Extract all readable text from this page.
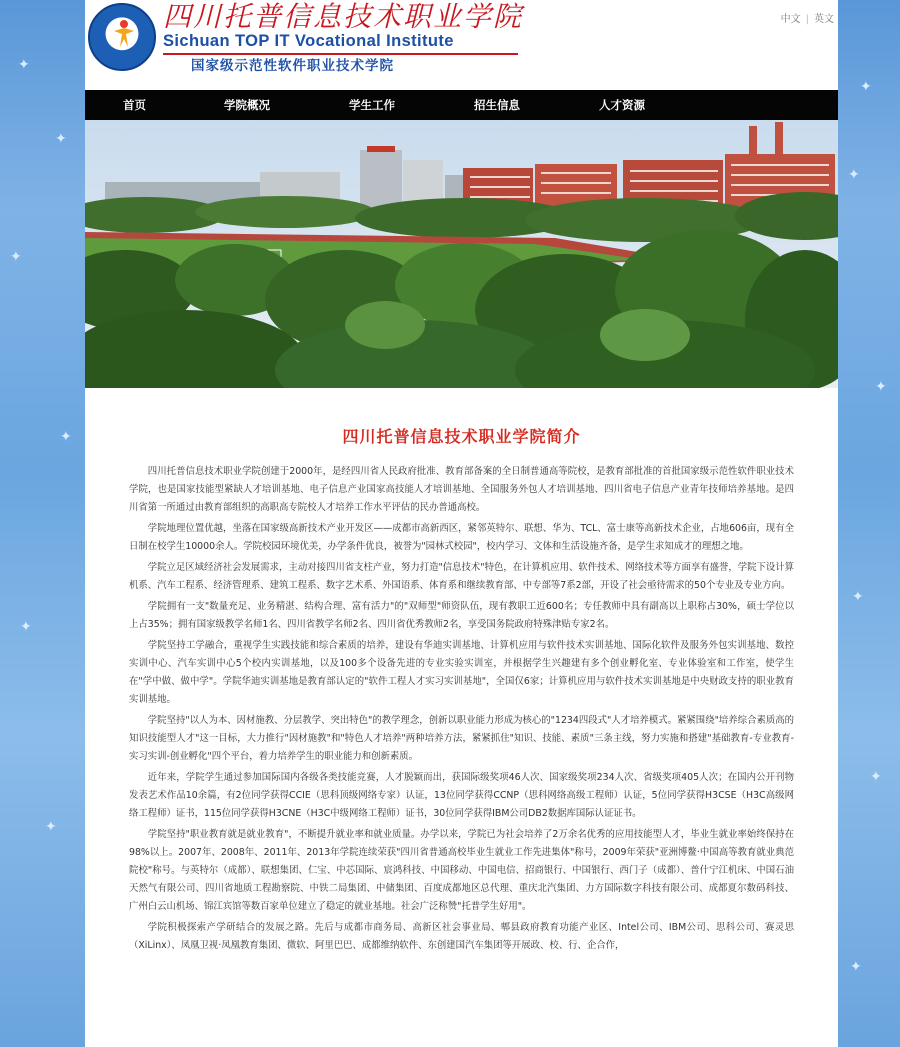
✦
✦
✦
✦
✦
✦
✦
✦
✦
✦
✦
✦
四川托普信息技术职业学院
Sichuan TOP IT Vocational Institute
国家级示范性软件职业技术学院
中文 | 英文
首页	学院概况	学生工作	招生信息	人才资源
四川托普信息技术职业学院简介

四川托普信息技术职业学院创建于2000年，是经四川省人民政府批准、教育部备案的全日制普通高等院校，是教育部批准的首批国家级示范性软件职业技术学院，也是国家技能型紧缺人才培训基地、电子信息产业国家高技能人才培训基地、全国服务外包人才培训基地、四川省电子信息产业青年技师培养基地。是四川省第一所通过由教育部组织的高职高专院校人才培养工作水平评估的民办普通高校。

学院地理位置优越，坐落在国家级高新技术产业开发区——成都市高新西区，紧邻英特尔、联想、华为、TCL、富士康等高新技术企业，占地606亩，现有全日制在校学生10000余人。学院校园环境优美，办学条件优良，被誉为"园林式校园"，校内学习、文体和生活设施齐备，是学生求知成才的理想之地。

学院立足区域经济社会发展需求，主动对接四川省支柱产业，努力打造"信息技术"特色，在计算机应用、软件技术、网络技术等方面享有盛誉，学院下设计算机系、汽车工程系、经济管理系、建筑工程系、数字艺术系、外国语系、体育系和继续教育部、中专部等7系2部，开设了社会亟待需求的50个专业及专业方向。

学院拥有一支"数量充足、业务精湛、结构合理、富有活力"的"双师型"师资队伍，现有教职工近600名；专任教师中具有副高以上职称占30%，硕士学位以上占35%；拥有国家级教学名师1名、四川省教学名师2名、四川省优秀教师2名，享受国务院政府特殊津贴专家2名。

学院坚持工学融合，重视学生实践技能和综合素质的培养，建设有华迪实训基地、计算机应用与软件技术实训基地、国际化软件及服务外包实训基地、数控实训中心、汽车实训中心5个校内实训基地，以及100多个设备先进的专业实验实训室，并根据学生兴趣建有多个创业孵化室、专业体验室和工作室，使学生在"学中做、做中学"。学院华迪实训基地是教育部认定的"软件工程人才实习实训基地"，全国仅6家；计算机应用与软件技术实训基地是中央财政支持的职业教育实训基地。

学院坚持"以人为本、因材施教、分层教学、突出特色"的教学理念，创新以职业能力形成为核心的"1234四段式"人才培养模式。紧紧围绕"培养综合素质高的知识技能型人才"这一目标，大力推行"因材施教"和"特色人才培养"两种培养方法，紧紧抓住"知识、技能、素质"三条主线，努力实施和搭建"基础教育-专业教育-实习实训-创业孵化"四个平台，着力培养学生的职业能力和创新素质。

近年来，学院学生通过参加国际国内各级各类技能竞赛，人才脱颖而出，获国际级奖项46人次、国家级奖项234人次、省级奖项405人次；在国内公开刊物发表艺术作品10余篇，有2位同学获得CCIE（思科顶级网络专家）认证，13位同学获得CCNP（思科网络高级工程师）认证，5位同学获得H3CSE（H3C高级网络工程师）证书，115位同学获得H3CNE（H3C中级网络工程师）证书，30位同学获得IBM公司DB2数据库国际认证证书。

学院坚持"职业教育就是就业教育"，不断提升就业率和就业质量。办学以来，学院已为社会培养了2万余名优秀的应用技能型人才，毕业生就业率始终保持在98%以上。2007年、2008年、2011年、2013年学院连续荣获"四川省普通高校毕业生就业工作先进集体"称号，2009年荣获"亚洲博鳌·中国高等教育就业典范院校"称号。与英特尔（成都）、联想集团、仁宝、中芯国际、宸鸿科技、中国移动、中国电信、招商银行、中国银行、西门子（成都）、普什宁江机床、中国石油天然气有限公司、四川省地质工程勘察院、中铁二局集团、中储集团、百度成都地区总代理、重庆北汽集团、力方国际数字科技有限公司、成都夏尔数码科技、广州白云山机场、锦江宾馆等数百家单位建立了稳定的就业基地。社会广泛称赞"托普学生好用"。

学院积极探索产学研结合的发展之路。先后与成都市商务局、高新区社会事业局、郫县政府教育功能产业区、Intel公司、IBM公司、思科公司、赛灵思（XiLinx）、凤凰卫视·凤凰教育集团、微软、阿里巴巴、成都维纳软件、东创建国汽车集团等开展政、校、行、企合作，
